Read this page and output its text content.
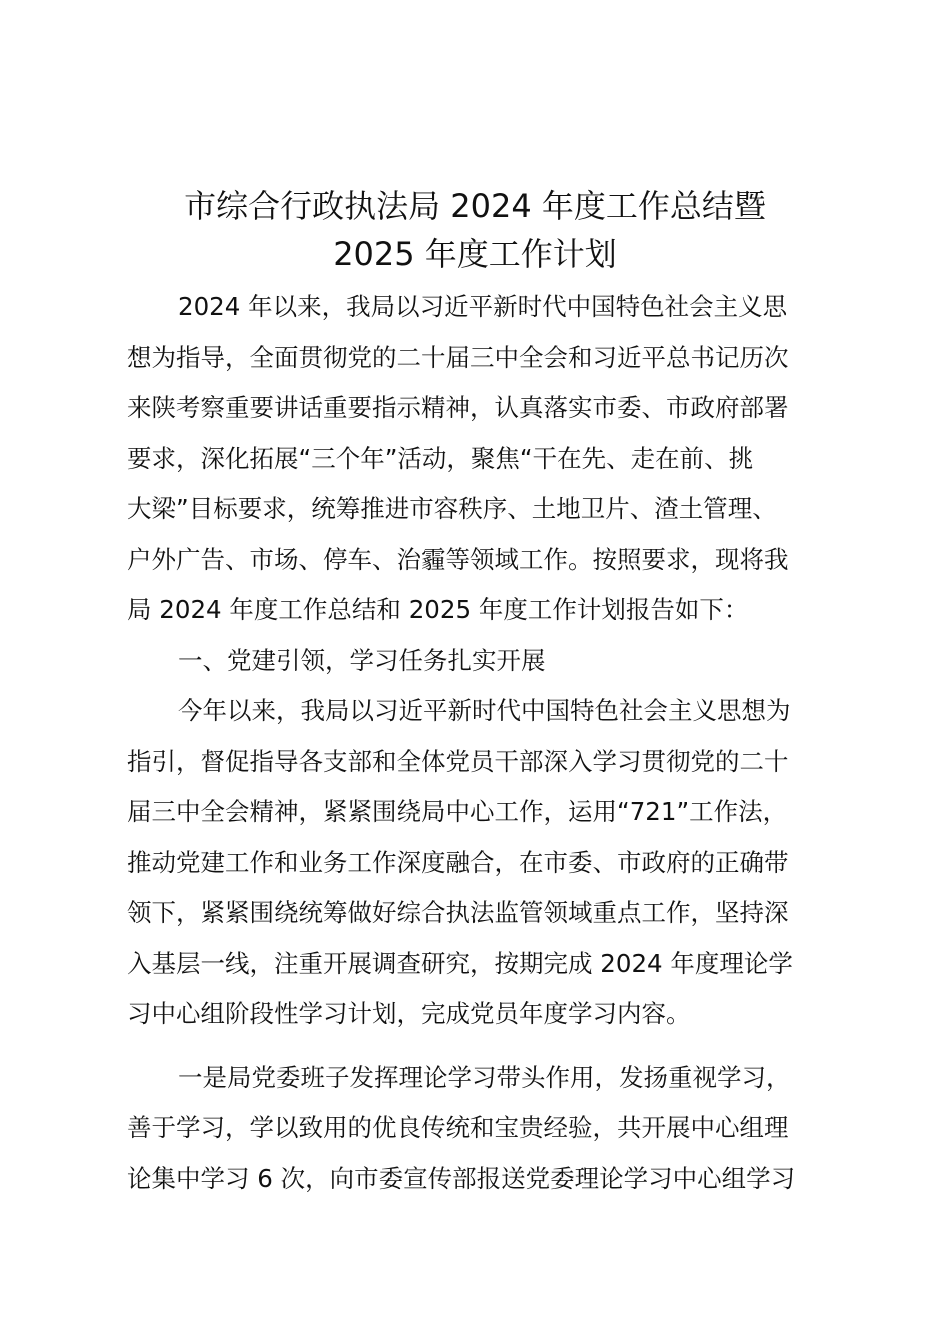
市综合行政执法局 2024 年度工作总结暨
2025 年度工作计划
2024 年以来，我局以习近平新时代中国特色社会主义思
想为指导，全面贯彻党的二十届三中全会和习近平总书记历次
来陕考察重要讲话重要指示精神，认真落实市委、市政府部署
要求，深化拓展“三个年”活动，聚焦“干在先、走在前、挑
大梁”目标要求，统筹推进市容秩序、土地卫片、渣土管理、
户外广告、市场、停车、治霾等领域工作。按照要求，现将我
局 2024 年度工作总结和 2025 年度工作计划报告如下：
一、党建引领，学习任务扎实开展
今年以来，我局以习近平新时代中国特色社会主义思想为
指引，督促指导各支部和全体党员干部深入学习贯彻党的二十
届三中全会精神，紧紧围绕局中心工作，运用“721”工作法，
推动党建工作和业务工作深度融合，在市委、市政府的正确带
领下，紧紧围绕统筹做好综合执法监管领域重点工作，坚持深
入基层一线，注重开展调查研究，按期完成 2024 年度理论学
习中心组阶段性学习计划，完成党员年度学习内容。
一是局党委班子发挥理论学习带头作用，发扬重视学习，
善于学习，学以致用的优良传统和宝贵经验，共开展中心组理
论集中学习 6 次，向市委宣传部报送党委理论学习中心组学习
